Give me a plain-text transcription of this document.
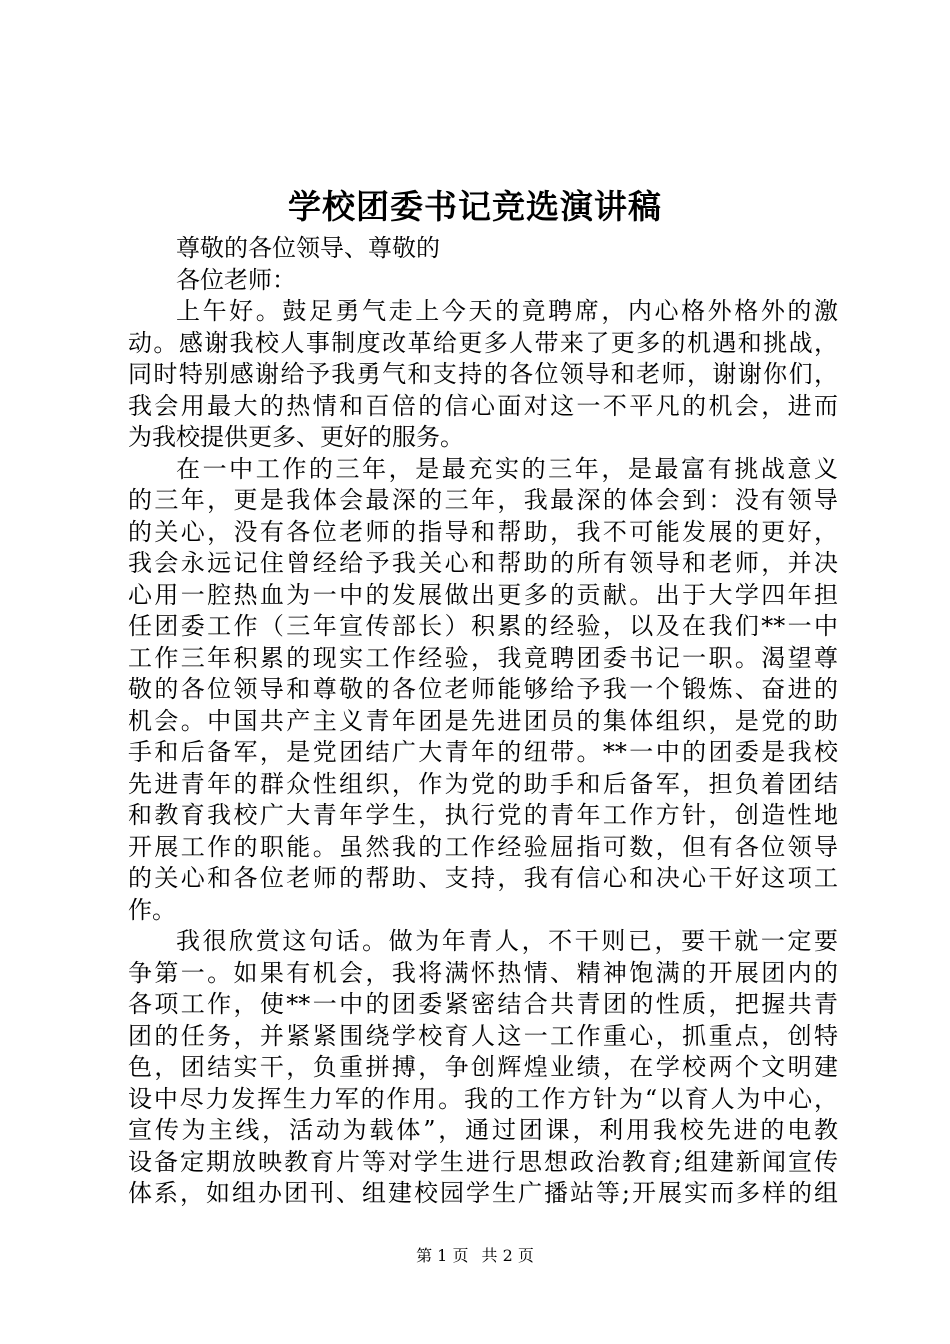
学校团委书记竞选演讲稿
尊敬的各位领导、尊敬的
各位老师：
上午好。鼓足勇气走上今天的竟聘席，内心格外格外的激
动。感谢我校人事制度改革给更多人带来了更多的机遇和挑战，
同时特别感谢给予我勇气和支持的各位领导和老师，谢谢你们，
我会用最大的热情和百倍的信心面对这一不平凡的机会，进而
为我校提供更多、更好的服务。
在一中工作的三年，是最充实的三年，是最富有挑战意义
的三年，更是我体会最深的三年，我最深的体会到：没有领导
的关心，没有各位老师的指导和帮助，我不可能发展的更好，
我会永远记住曾经给予我关心和帮助的所有领导和老师，并决
心用一腔热血为一中的发展做出更多的贡献。出于大学四年担
任团委工作（三年宣传部长）积累的经验，以及在我们**一中
工作三年积累的现实工作经验，我竟聘团委书记一职。渴望尊
敬的各位领导和尊敬的各位老师能够给予我一个锻炼、奋进的
机会。中国共产主义青年团是先进团员的集体组织，是党的助
手和后备军，是党团结广大青年的纽带。**一中的团委是我校
先进青年的群众性组织，作为党的助手和后备军，担负着团结
和教育我校广大青年学生，执行党的青年工作方针，创造性地
开展工作的职能。虽然我的工作经验屈指可数，但有各位领导
的关心和各位老师的帮助、支持，我有信心和决心干好这项工
作。
我很欣赏这句话。做为年青人，不干则已，要干就一定要
争第一。如果有机会，我将满怀热情、精神饱满的开展团内的
各项工作，使**一中的团委紧密结合共青团的性质，把握共青
团的任务，并紧紧围绕学校育人这一工作重心，抓重点，创特
色，团结实干，负重拼搏，争创辉煌业绩，在学校两个文明建
设中尽力发挥生力军的作用。我的工作方针为“以育人为中心，
宣传为主线，活动为载体”，通过团课，利用我校先进的电教
设备定期放映教育片等对学生进行思想政治教育;组建新闻宣传
体系，如组办团刊、组建校园学生广播站等;开展实而多样的组
第 1 页 共 2 页
